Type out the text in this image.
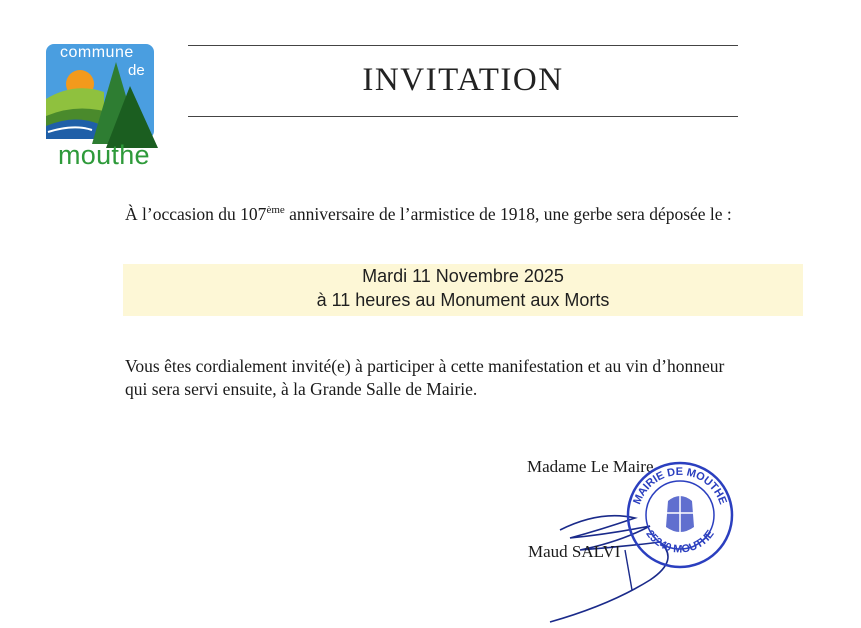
commune
de
mouthe
INVITATION
À l’occasion du 107ème anniversaire de l’armistice de 1918, une gerbe sera déposée le :
Mardi 11 Novembre 2025
à 11 heures au Monument aux Morts
Vous êtes cordialement invité(e) à participer à cette manifestation et au vin d’honneur
qui sera servi ensuite, à la Grande Salle de Mairie.
Madame Le Maire
MAIRIE DE MOUTHE
25240 MOUTHE
Maud SALVI
